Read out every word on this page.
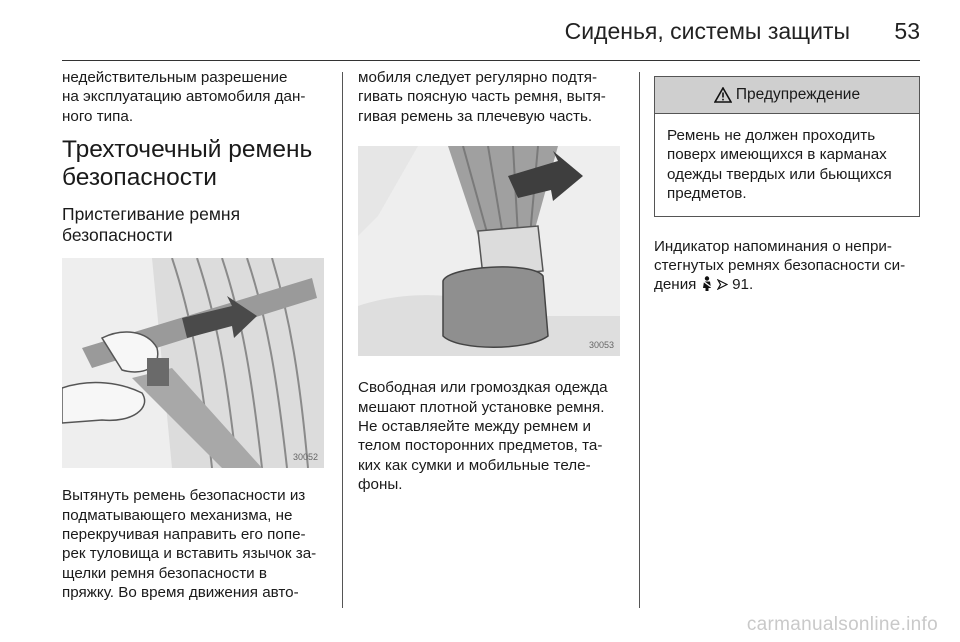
Сиденья, системы защиты 53

недействительным разрешение
на эксплуатацию автомобиля дан-
ного типа.

Трехточечный ремень
безопасности
Пристегивание ремня
безопасности
30052

Вытянуть ремень безопасности из
подматывающего механизма, не
перекручивая направить его попе-
рек туловища и вставить язычок за-
щелки ремня безопасности в
пряжку. Во время движения авто-

мобиля следует регулярно подтя-
гивать поясную часть ремня, вытя-
гивая ремень за плечевую часть.

30053

Свободная или громоздкая одежда
мешают плотной установке ремня.
Не оставляейте между ремнем и
телом посторонних предметов, та-
ких как сумки и мобильные теле-
фоны.

Предупреждение

Ремень не должен проходить
поверх имеющихся в карманах
одежды твердых или бьющихся
предметов.

Индикатор напоминания о непри-
стегнутых ремнях безопасности си-
дения 91.

carmanualsonline.info
